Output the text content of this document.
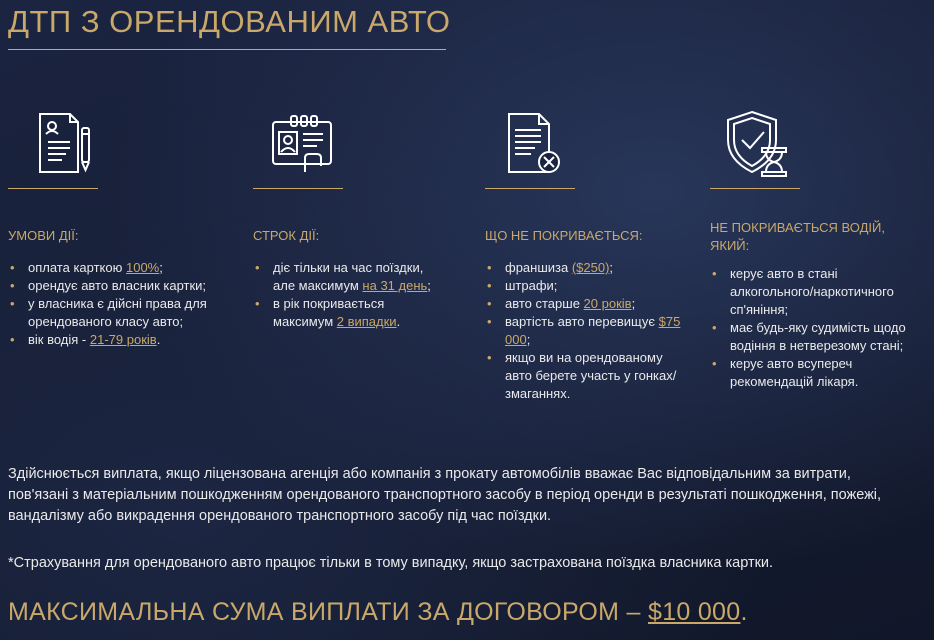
ДТП З ОРЕНДОВАНИМ АВТО
УМОВИ ДІЇ:
• оплата карткою 100%;
• орендує авто власник картки;
• у власника є дійсні права для орендованого класу авто;
• вік водія - 21-79 років.
СТРОК ДІЇ:
• діє тільки на час поїздки, але максимум на 31 день;
• в рік покривається максимум 2 випадки.
ЩО НЕ ПОКРИВАЄТЬСЯ:
• франшиза ($250);
• штрафи;
• авто старше 20 років;
• вартість авто перевищує $75 000;
• якщо ви на орендованому авто берете участь у гонках/змаганнях.
НЕ ПОКРИВАЄТЬСЯ ВОДІЙ, ЯКИЙ:
• керує авто в стані алкогольного/наркотичного сп'яніння;
• має будь-яку судимість щодо водіння в нетверезому стані;
• керує авто всупереч рекомендацій лікаря.
Здійснюється виплата, якщо ліцензована агенція або компанія з прокату автомобілів вважає Вас відповідальним за витрати, пов'язані з матеріальним пошкодженням орендованого транспортного засобу в період оренди в результаті пошкодження, пожежі, вандалізму або викрадення орендованого транспортного засобу під час поїздки.
*Страхування для орендованого авто працює тільки в тому випадку, якщо застрахована поїздка власника картки.
МАКСИМАЛЬНА СУМА ВИПЛАТИ ЗА ДОГОВОРОМ – $10 000.
